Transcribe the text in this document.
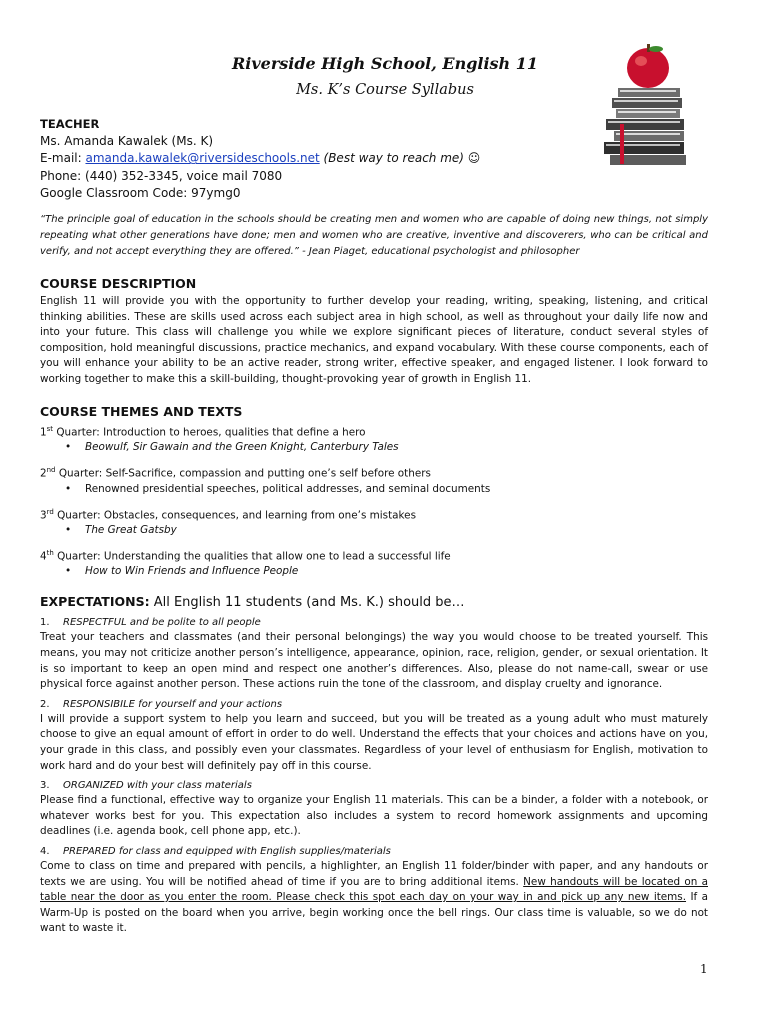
Riverside High School, English 11
Ms. K’s Course Syllabus

TEACHER

Ms. Amanda Kawalek (Ms. K)

E-mail: amanda.kawalek@riversideschools.net (Best way to reach me) ☺

Phone: (440) 352-3345, voice mail 7080

Google Classroom Code: 97ymg0

“The principle goal of education in the schools should be creating men and women who are capable of doing new things, not simply repeating what other generations have done; men and women who are creative, inventive and discoverers, who can be critical and verify, and not accept everything they are offered.” - Jean Piaget, educational psychologist and philosopher

COURSE DESCRIPTION

English 11 will provide you with the opportunity to further develop your reading, writing, speaking, listening, and critical thinking abilities. These are skills used across each subject area in high school, as well as throughout your daily life now and into your future. This class will challenge you while we explore significant pieces of literature, conduct several styles of composition, hold meaningful discussions, practice mechanics, and expand vocabulary. With these course components, each of you will enhance your ability to be an active reader, strong writer, effective speaker, and engaged listener. I look forward to working together to make this a skill-building, thought-provoking year of growth in English 11.

COURSE THEMES AND TEXTS

1st Quarter: Introduction to heroes, qualities that define a hero

• Beowulf, Sir Gawain and the Green Knight, Canterbury Tales

2nd Quarter: Self-Sacrifice, compassion and putting one’s self before others

• Renowned presidential speeches, political addresses, and seminal documents

3rd Quarter: Obstacles, consequences, and learning from one’s mistakes

• The Great Gatsby

4th Quarter: Understanding the qualities that allow one to lead a successful life

• How to Win Friends and Influence People

EXPECTATIONS: All English 11 students (and Ms. K.) should be…

1. RESPECTFUL and be polite to all people

Treat your teachers and classmates (and their personal belongings) the way you would choose to be treated yourself. This means, you may not criticize another person’s intelligence, appearance, opinion, race, religion, gender, or sexual orientation. It is so important to keep an open mind and respect one another’s differences. Also, please do not name-call, swear or use physical force against another person. These actions ruin the tone of the classroom, and display cruelty and ignorance.

2. RESPONSIBILE for yourself and your actions

I will provide a support system to help you learn and succeed, but you will be treated as a young adult who must maturely choose to give an equal amount of effort in order to do well. Understand the effects that your choices and actions have on you, your grade in this class, and possibly even your classmates. Regardless of your level of enthusiasm for English, motivation to work hard and do your best will definitely pay off in this course.

3. ORGANIZED with your class materials

Please find a functional, effective way to organize your English 11 materials. This can be a binder, a folder with a notebook, or whatever works best for you. This expectation also includes a system to record homework assignments and upcoming deadlines (i.e. agenda book, cell phone app, etc.).

4. PREPARED for class and equipped with English supplies/materials

Come to class on time and prepared with pencils, a highlighter, an English 11 folder/binder with paper, and any handouts or texts we are using. You will be notified ahead of time if you are to bring additional items. New handouts will be located on a table near the door as you enter the room. Please check this spot each day on your way in and pick up any new items. If a Warm-Up is posted on the board when you arrive, begin working once the bell rings. Our class time is valuable, so we do not want to waste it.

1
